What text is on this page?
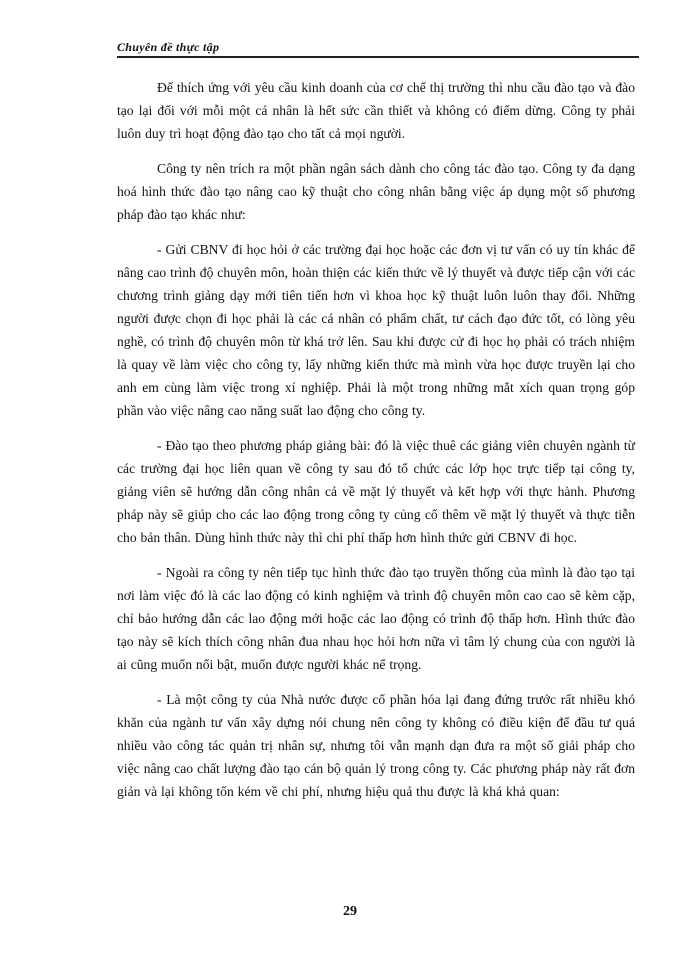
Chuyên đề thực tập

Để thích ứng với yêu cầu kinh doanh của cơ chế thị trường thì nhu cầu đào tạo và đào tạo lại đối với mỗi một cá nhân là hết sức cần thiết và không có điểm dừng. Công ty phải luôn duy trì hoạt động đào tạo cho tất cả mọi người.

Công ty nên trích ra một phần ngân sách dành cho công tác đào tạo. Công ty đa dạng hoá hình thức đào tạo nâng cao kỹ thuật cho công nhân bằng việc áp dụng một số phương pháp đào tạo khác như:

- Gửi CBNV đi học hỏi ở các trường đại học hoặc các đơn vị tư vấn có uy tín khác để nâng cao trình độ chuyên môn, hoàn thiện các kiến thức về lý thuyết và được tiếp cận với các chương trình giảng dạy mới tiên tiến hơn vì khoa học kỹ thuật luôn luôn thay đổi. Những người được chọn đi học phải là các cá nhân có phẩm chất, tư cách đạo đức tốt, có lòng yêu nghề, có trình độ chuyên môn từ khá trở lên. Sau khi được cử đi học họ phải có trách nhiệm là quay về làm việc cho công ty, lấy những kiến thức mà mình vừa học được truyền lại cho anh em cùng làm việc trong xí nghiệp. Phải là một trong những mắt xích quan trọng góp phần vào việc nâng cao năng suất lao động cho công ty.

- Đào tạo theo phương pháp giảng bài: đó là việc thuê các giảng viên chuyên ngành từ các trường đại học liên quan về công ty sau đó tổ chức các lớp học trực tiếp tại công ty, giảng viên sẽ hướng dẫn công nhân cả về mặt lý thuyết và kết hợp với thực hành. Phương pháp này sẽ giúp cho các lao động trong công ty củng cố thêm về mặt lý thuyết và thực tiễn cho bản thân. Dùng hình thức này thì chi phí thấp hơn hình thức gửi CBNV đi học.

- Ngoài ra công ty nên tiếp tục hình thức đào tạo truyền thống của mình là đào tạo tại nơi làm việc đó là các lao động có kinh nghiệm và trình độ chuyên môn cao cao sẽ kèm cặp, chỉ bảo hướng dẫn các lao động mới hoặc các lao động có trình độ thấp hơn. Hình thức đào tạo này sẽ kích thích công nhân đua nhau học hỏi hơn nữa vì tâm lý chung của con người là ai cũng muốn nổi bật, muốn được người khác nể trọng.

- Là một công ty của Nhà nước được cổ phần hóa lại đang đứng trước rất nhiều khó khăn của ngành tư vấn xây dựng nói chung nên công ty không có điều kiện để đầu tư quá nhiều vào công tác quản trị nhân sự, nhưng tôi vẫn mạnh dạn đưa ra một số giải pháp cho việc nâng cao chất lượng đào tạo cán bộ quản lý trong công ty. Các phương pháp này rất đơn giản và lại không tốn kém về chi phí, nhưng hiệu quả thu được là khá khả quan:

29
